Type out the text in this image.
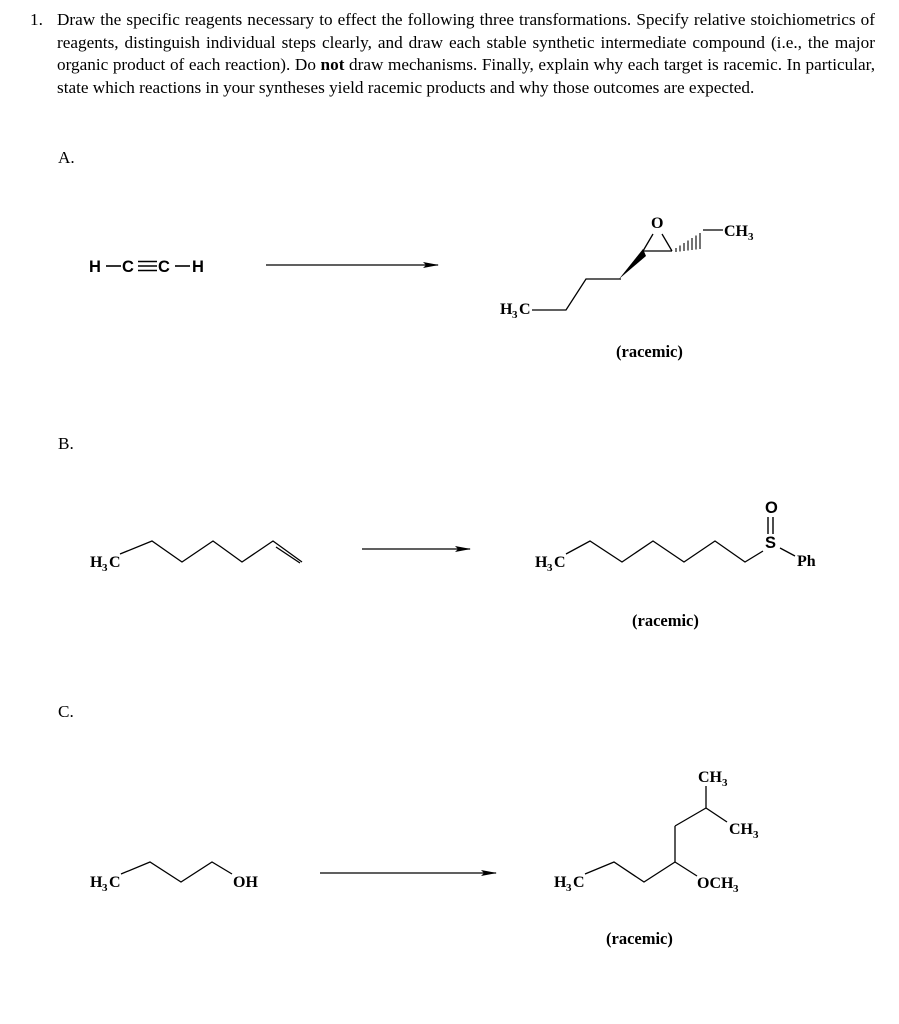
1. Draw the specific reagents necessary to effect the following three transformations. Specify relative stoichiometrics of reagents, distinguish individual steps clearly, and draw each stable synthetic intermediate compound (i.e., the major organic product of each reaction). Do not draw mechanisms. Finally, explain why each target is racemic. In particular, state which reactions in your syntheses yield racemic products and why those outcomes are expected.
A.
B.
C.
H C C H
H 3 C
O	CH 3
(racemic)
H 3 C	H 3 C
S
O
Ph
(racemic)
H 3 C	OH	H 3 C
CH 3
CH 3
OCH 3
(racemic)
